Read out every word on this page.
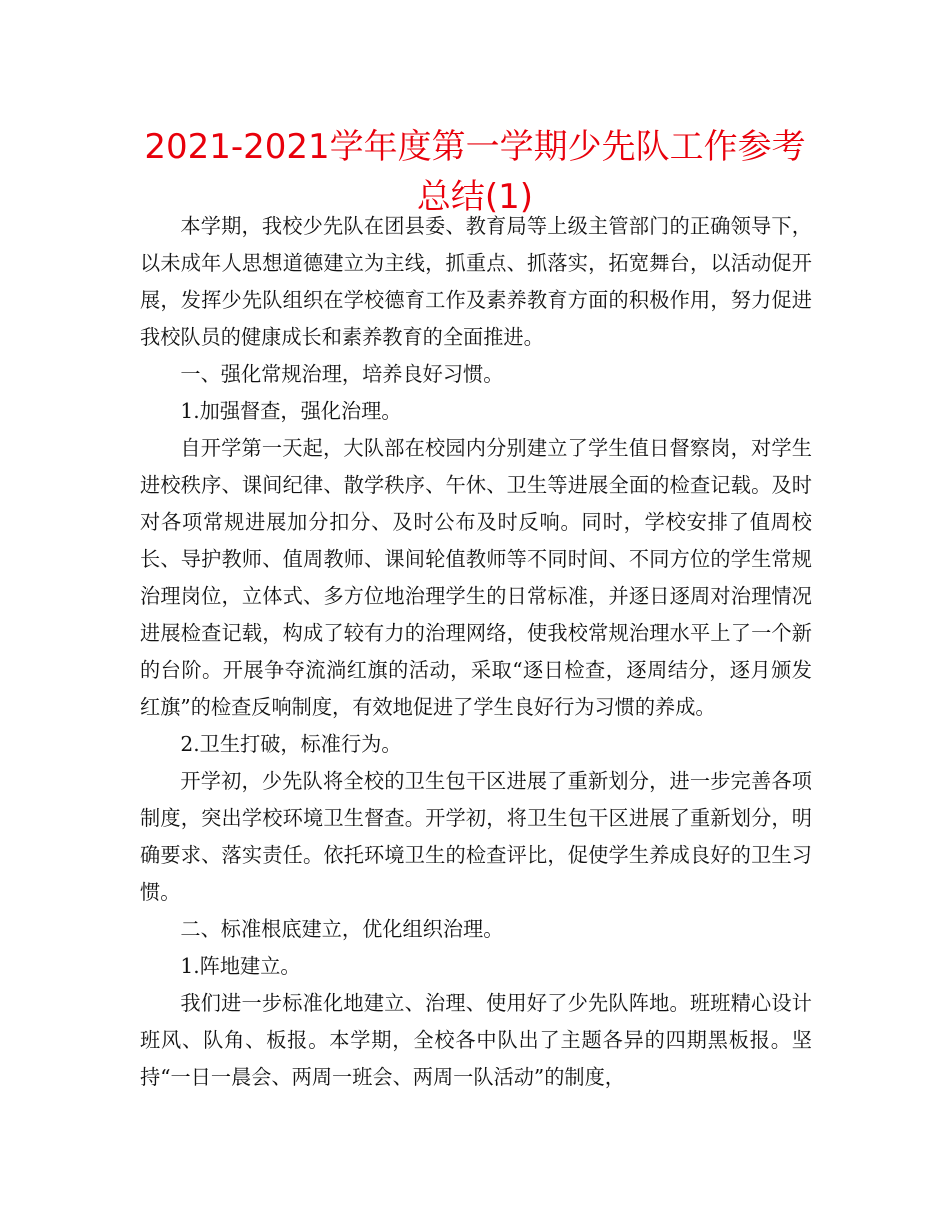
2021-2021学年度第一学期少先队工作参考总结(1)

本学期，我校少先队在团县委、教育局等上级主管部门的正确领导下，以未成年人思想道德建立为主线，抓重点、抓落实，拓宽舞台，以活动促开展，发挥少先队组织在学校德育工作及素养教育方面的积极作用，努力促进我校队员的健康成长和素养教育的全面推进。

一、强化常规治理，培养良好习惯。

1.加强督查，强化治理。

自开学第一天起，大队部在校园内分别建立了学生值日督察岗，对学生进校秩序、课间纪律、散学秩序、午休、卫生等进展全面的检查记载。及时对各项常规进展加分扣分、及时公布及时反响。同时，学校安排了值周校长、导护教师、值周教师、课间轮值教师等不同时间、不同方位的学生常规治理岗位，立体式、多方位地治理学生的日常标准，并逐日逐周对治理情况进展检查记载，构成了较有力的治理网络，使我校常规治理水平上了一个新的台阶。开展争夺流淌红旗的活动，采取“逐日检查，逐周结分，逐月颁发红旗”的检查反响制度，有效地促进了学生良好行为习惯的养成。

2.卫生打破，标准行为。

开学初，少先队将全校的卫生包干区进展了重新划分，进一步完善各项制度，突出学校环境卫生督查。开学初，将卫生包干区进展了重新划分，明确要求、落实责任。依托环境卫生的检查评比，促使学生养成良好的卫生习惯。

二、标准根底建立，优化组织治理。

1.阵地建立。

我们进一步标准化地建立、治理、使用好了少先队阵地。班班精心设计班风、队角、板报。本学期，全校各中队出了主题各异的四期黑板报。坚持“一日一晨会、两周一班会、两周一队活动”的制度，
